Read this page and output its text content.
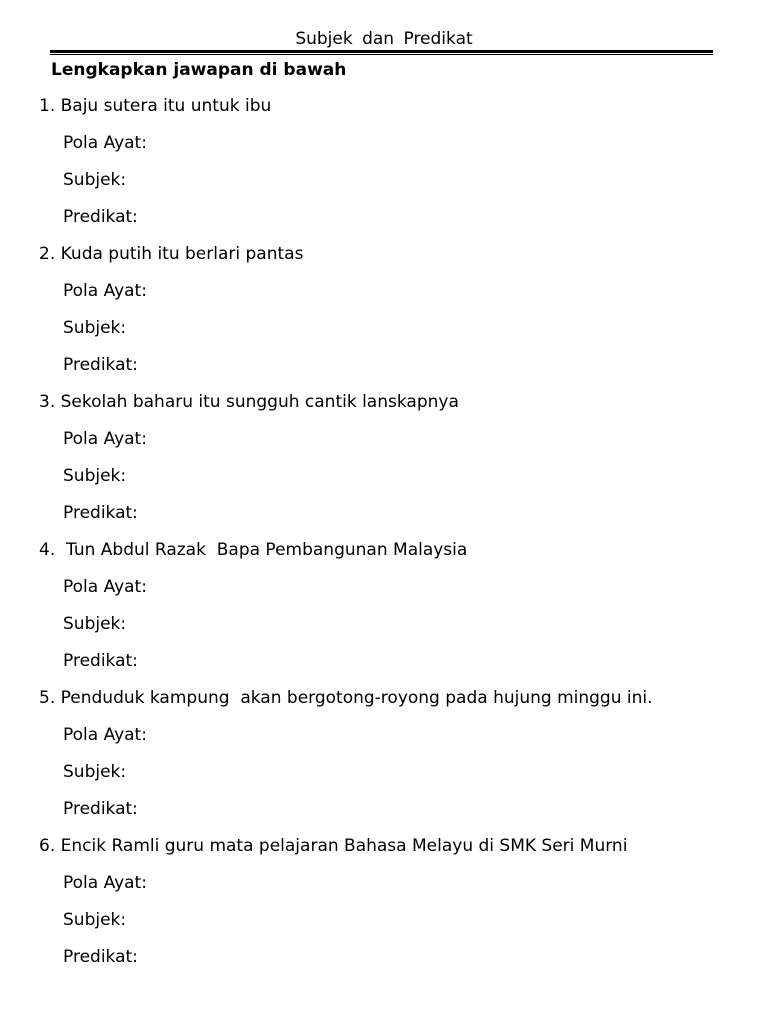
Subjek dan Predikat
Lengkapkan jawapan di bawah
1. Baju sutera itu untuk ibu
Pola Ayat:
Subjek:
Predikat:
2. Kuda putih itu berlari pantas
Pola Ayat:
Subjek:
Predikat:
3. Sekolah baharu itu sungguh cantik lanskapnya
Pola Ayat:
Subjek:
Predikat:
4.  Tun Abdul Razak  Bapa Pembangunan Malaysia
Pola Ayat:
Subjek:
Predikat:
5. Penduduk kampung  akan bergotong-royong pada hujung minggu ini.
Pola Ayat:
Subjek:
Predikat:
6. Encik Ramli guru mata pelajaran Bahasa Melayu di SMK Seri Murni
Pola Ayat:
Subjek:
Predikat:
